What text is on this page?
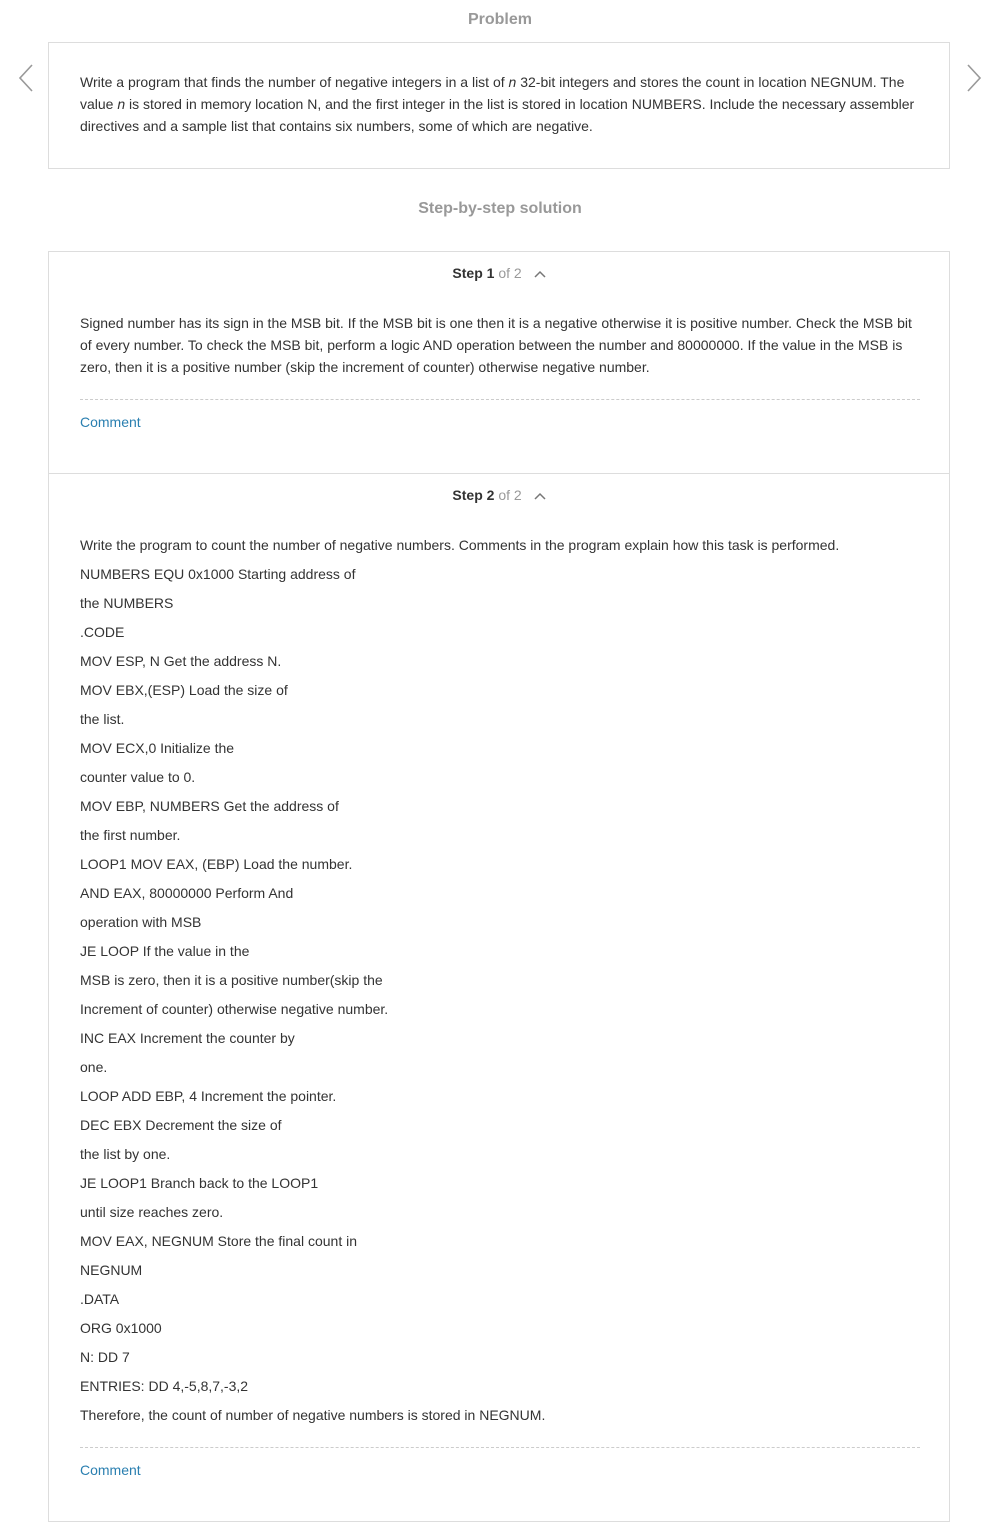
Problem
Write a program that finds the number of negative integers in a list of n 32-bit integers and stores the count in location NEGNUM. The value n is stored in memory location N, and the first integer in the list is stored in location NUMBERS. Include the necessary assembler directives and a sample list that contains six numbers, some of which are negative.
Step-by-step solution
Step 1 of 2
Signed number has its sign in the MSB bit. If the MSB bit is one then it is a negative otherwise it is positive number. Check the MSB bit of every number. To check the MSB bit, perform a logic AND operation between the number and 80000000. If the value in the MSB is zero, then it is a positive number (skip the increment of counter) otherwise negative number.
Comment
Step 2 of 2
Write the program to count the number of negative numbers. Comments in the program explain how this task is performed.
NUMBERS EQU 0x1000 Starting address of
the NUMBERS
.CODE
MOV ESP, N Get the address N.
MOV EBX,(ESP) Load the size of
the list.
MOV ECX,0 Initialize the
counter value to 0.
MOV EBP, NUMBERS Get the address of
the first number.
LOOP1 MOV EAX, (EBP) Load the number.
AND EAX, 80000000 Perform And
operation with MSB
JE LOOP If the value in the
MSB is zero, then it is a positive number(skip the
Increment of counter) otherwise negative number.
INC EAX Increment the counter by
one.
LOOP ADD EBP, 4 Increment the pointer.
DEC EBX Decrement the size of
the list by one.
JE LOOP1 Branch back to the LOOP1
until size reaches zero.
MOV EAX, NEGNUM Store the final count in
NEGNUM
.DATA
ORG 0x1000
N: DD 7
ENTRIES: DD 4,-5,8,7,-3,2
Therefore, the count of number of negative numbers is stored in NEGNUM.
Comment
